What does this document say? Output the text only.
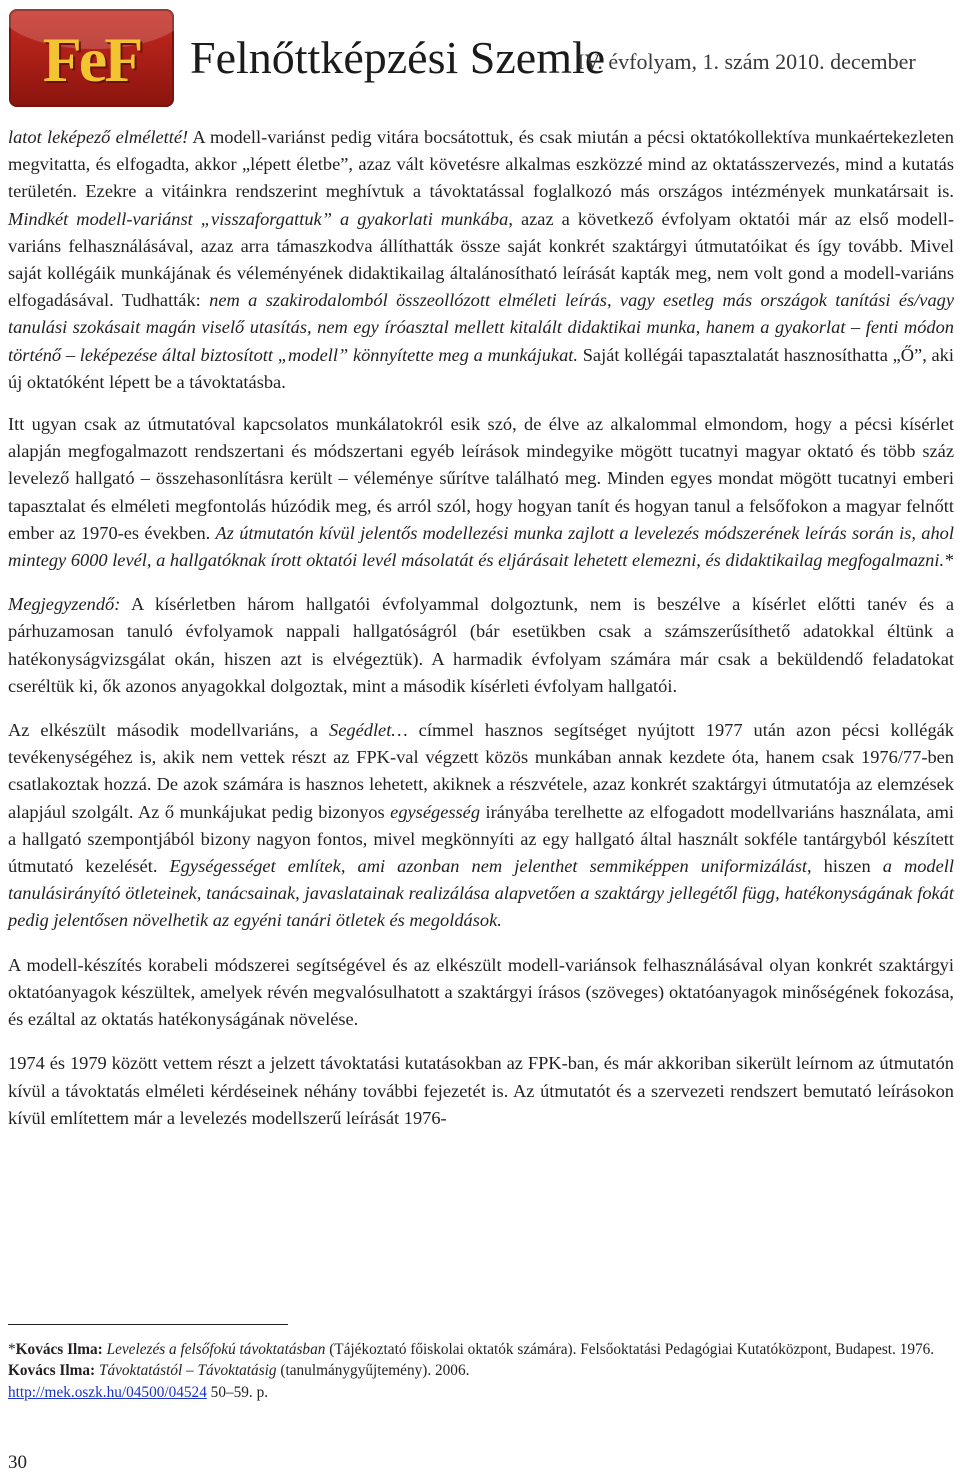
FeF	Felnőttképzési Szemle
IV. évfolyam, 1. szám 2010. december

latot leképező elméletté! A modell-variánst pedig vitára bocsátottuk, és csak miután a pécsi oktatókollektíva munkaértekezleten megvitatta, és elfogadta, akkor „lépett életbe”, azaz vált követésre alkalmas eszközzé mind az oktatásszervezés, mind a kutatás területén. Ezekre a vitáinkra rendszerint meghívtuk a távoktatással foglalkozó más országos intézmények munkatársait is. Mindkét modell-variánst „visszaforgattuk” a gyakorlati munkába, azaz a következő évfolyam oktatói már az első modell-variáns felhasználásával, azaz arra támaszkodva állíthatták össze saját konkrét szaktárgyi útmutatóikat és így tovább. Mivel saját kollégáik munkájának és véleményének didaktikailag általánosítható leírását kapták meg, nem volt gond a modell-variáns elfogadásával. Tudhatták: nem a szakirodalomból összeollózott elméleti leírás, vagy esetleg más országok tanítási és/vagy tanulási szokásait magán viselő utasítás, nem egy íróasztal mellett kitalált didaktikai munka, hanem a gyakorlat – fenti módon történő – leképezése által biztosított „modell” könnyítette meg a munkájukat. Saját kollégái tapasztalatát hasznosíthatta „Ő”, aki új oktatóként lépett be a távoktatásba.

Itt ugyan csak az útmutatóval kapcsolatos munkálatokról esik szó, de élve az alkalommal elmondom, hogy a pécsi kísérlet alapján megfogalmazott rendszertani és módszertani egyéb leírások mindegyike mögött tucatnyi magyar oktató és több száz levelező hallgató – összehasonlításra került – véleménye sűrítve található meg. Minden egyes mondat mögött tucatnyi emberi tapasztalat és elméleti megfontolás húzódik meg, és arról szól, hogy hogyan tanít és hogyan tanul a felsőfokon a magyar felnőtt ember az 1970-es években. Az útmutatón kívül jelentős modellezési munka zajlott a levelezés módszerének leírás során is, ahol mintegy 6000 levél, a hallgatóknak írott oktatói levél másolatát és eljárásait lehetett elemezni, és didaktikailag megfogalmazni.*

Megjegyzendő: A kísérletben három hallgatói évfolyammal dolgoztunk, nem is beszélve a kísérlet előtti tanév és a párhuzamosan tanuló évfolyamok nappali hallgatóságról (bár esetükben csak a számszerűsíthető adatokkal éltünk a hatékonyságvizsgálat okán, hiszen azt is elvégeztük). A harmadik évfolyam számára már csak a beküldendő feladatokat cseréltük ki, ők azonos anyagokkal dolgoztak, mint a második kísérleti évfolyam hallgatói.

Az elkészült második modellvariáns, a Segédlet… címmel hasznos segítséget nyújtott 1977 után azon pécsi kollégák tevékenységéhez is, akik nem vettek részt az FPK-val végzett közös munkában annak kezdete óta, hanem csak 1976/77-ben csatlakoztak hozzá. De azok számára is hasznos lehetett, akiknek a részvétele, azaz konkrét szaktárgyi útmutatója az elemzések alapjául szolgált. Az ő munkájukat pedig bizonyos egységesség irányába terelhette az elfogadott modellvariáns használata, ami a hallgató szempontjából bizony nagyon fontos, mivel megkönnyíti az egy hallgató által használt sokféle tantárgyból készített útmutató kezelését. Egységességet említek, ami azonban nem jelenthet semmiképpen uniformizálást, hiszen a modell tanulásirányító ötleteinek, tanácsainak, javaslatainak realizálása alapvetően a szaktárgy jellegétől függ, hatékonyságának fokát pedig jelentősen növelhetik az egyéni tanári ötletek és megoldások.

A modell-készítés korabeli módszerei segítségével és az elkészült modell-variánsok felhasználásával olyan konkrét szaktárgyi oktatóanyagok készültek, amelyek révén megvalósulhatott a szaktárgyi írásos (szöveges) oktatóanyagok minőségének fokozása, és ezáltal az oktatás hatékonyságának növelése.

1974 és 1979 között vettem részt a jelzett távoktatási kutatásokban az FPK-ban, és már akkoriban sikerült leírnom az útmutatón kívül a távoktatás elméleti kérdéseinek néhány további fejezetét is. Az útmutatót és a szervezeti rendszert bemutató leírásokon kívül említettem már a levelezés modellszerű leírását 1976-

*Kovács Ilma: Levelezés a felsőfokú távoktatásban (Tájékoztató főiskolai oktatók számára). Felsőoktatási Pedagógiai Kutatóközpont, Budapest. 1976.
Kovács Ilma: Távoktatástól – Távoktatásig (tanulmánygyűjtemény). 2006.
http://mek.oszk.hu/04500/04524 50–59. p.
30
